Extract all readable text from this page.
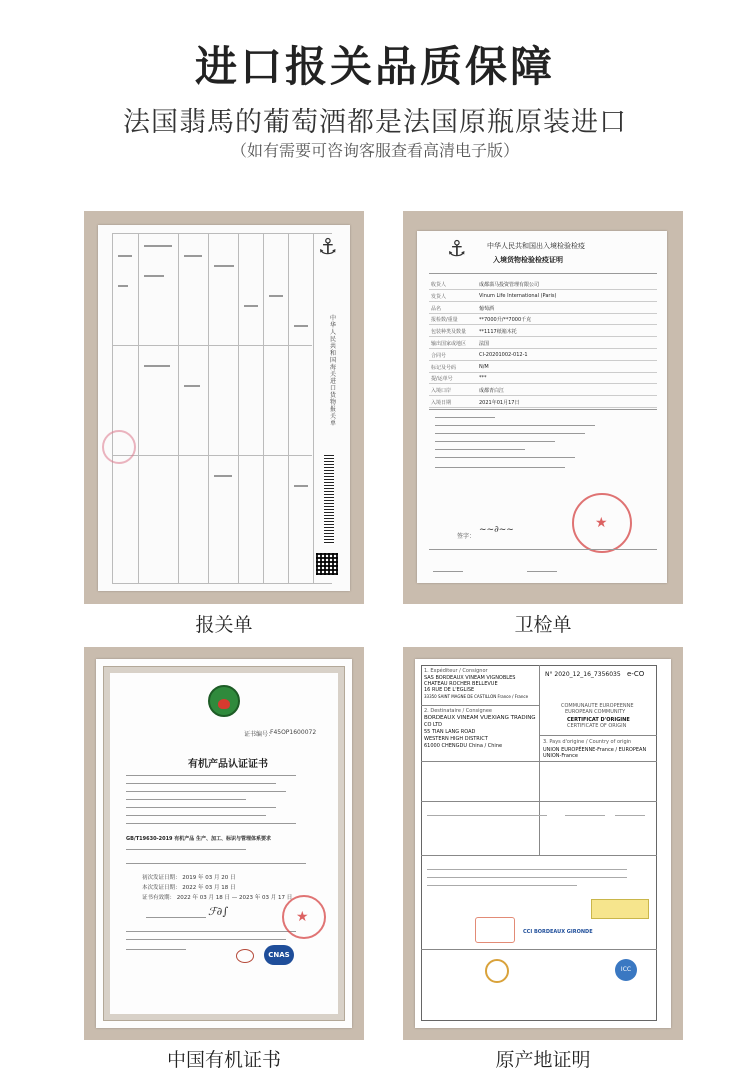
进口报关品质保障
法国翡馬的葡萄酒都是法国原瓶原装进口
（如有需要可咨询客服查看高清电子版）
中华人民共和国海关进口货物报关单
⚓
报关单
⚓	中华人民共和国出入境检验检疫
入境货物检验检疫证明
收货人	成都翡马投资管理有限公司
发货人	Vinum Life International (Paris)
品名	葡萄酒
报检数/重量	**7000升/**7000千克
包装种类及数量	**1117纸箱木托
输出国家或地区	法国
合同号	CI-20201002-012-1
标记及号码	N/M
提/运单号	***
入境口岸	成都青白江
入境日期	2021年01月17日
★
签字：
~~∂~~
卫检单
证书编号：
F45OP1600072
有机产品认证证书
GB/T19630-2019 有机产品 生产、加工、标识与管理体系要求
初次发证日期： 2019 年 03 月 20 日
本次发证日期： 2022 年 03 月 18 日
证书有效期： 2022 年 03 月 18 日 — 2023 年 03 月 17 日
ℱ∂∫	★
CNAS
中国有机证书
1. Expéditeur / Consignor
SAS BORDEAUX VINEAM VIGNOBLES
CHATEAU ROCHER BELLEVUE
16 RUE DE L'EGLISE
33350 SAINT MAGNE DE CASTILLON France / France
N° 2020_12_16_7356035 e-CO
2. Destinataire / Consignee
BORDEAUX VINEAM VUEXIANG TRADING
CO LTD
55 TIAN LANG ROAD
WESTERN HIGH DISTRICT
61000 CHENGDU China / Chine
COMMUNAUTE EUROPEENNE
EUROPEAN COMMUNITY
CERTIFICAT D'ORIGINE
CERTIFICATE OF ORIGIN
3. Pays d'origine / Country of origin
UNION EUROPÉENNE-France / EUROPEAN
UNION-France
CCI BORDEAUX GIRONDE
ICC
原产地证明
